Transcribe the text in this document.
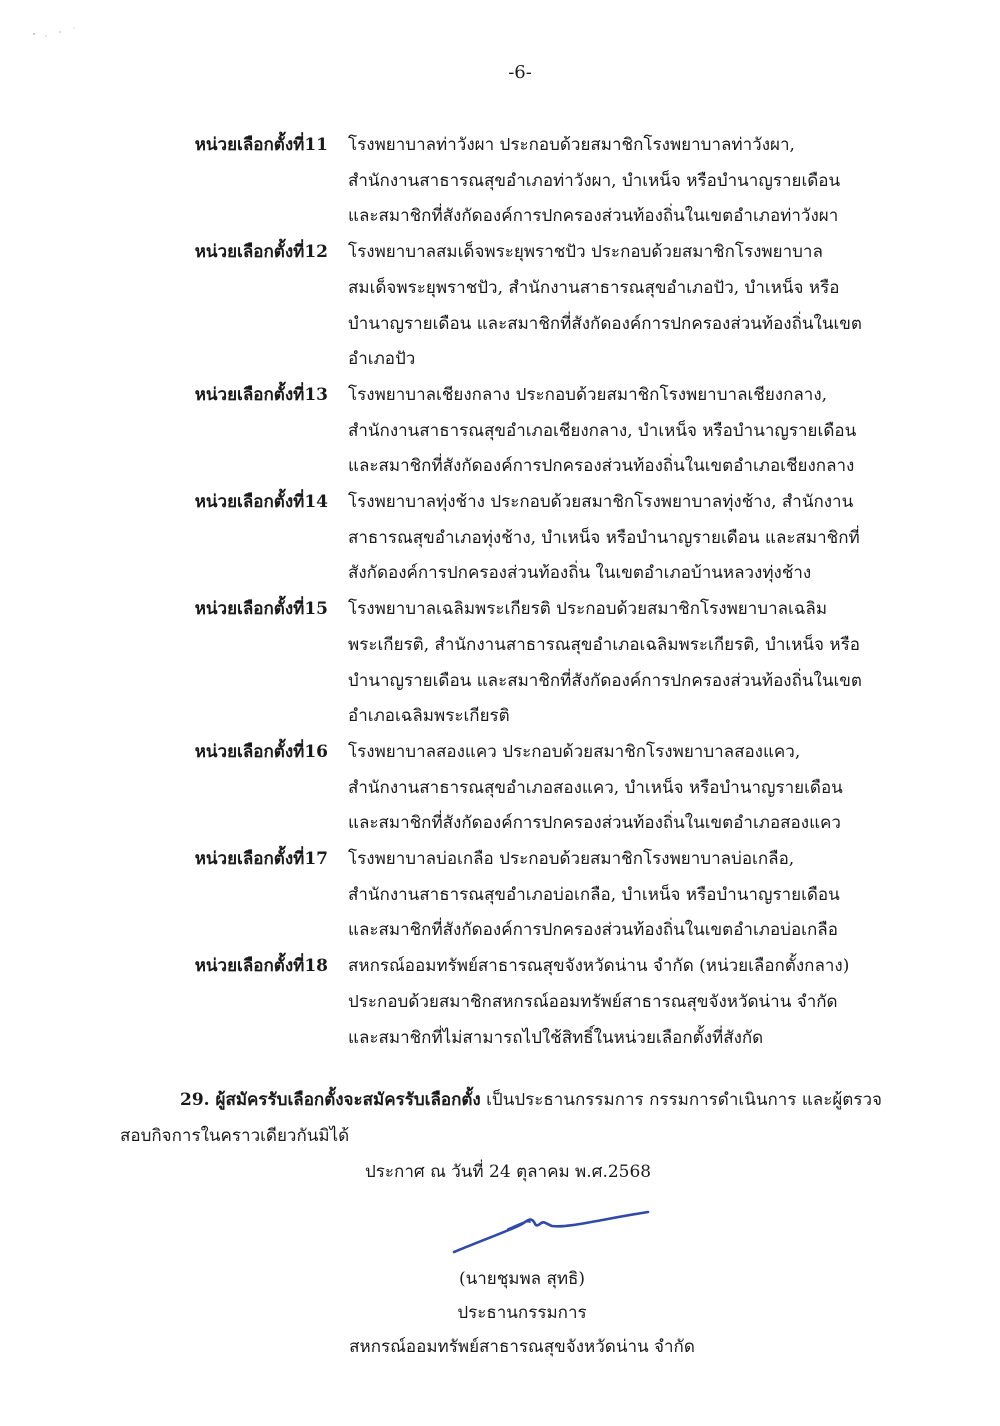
-6-
หน่วยเลือกตั้งที่11	โรงพยาบาลท่าวังผา ประกอบด้วยสมาชิกโรงพยาบาลท่าวังผา,
สำนักงานสาธารณสุขอำเภอท่าวังผา, บำเหน็จ หรือบำนาญรายเดือน
และสมาชิกที่สังกัดองค์การปกครองส่วนท้องถิ่นในเขตอำเภอท่าวังผา
หน่วยเลือกตั้งที่12	โรงพยาบาลสมเด็จพระยุพราชปัว ประกอบด้วยสมาชิกโรงพยาบาล
สมเด็จพระยุพราชปัว, สำนักงานสาธารณสุขอำเภอปัว, บำเหน็จ หรือ
บำนาญรายเดือน และสมาชิกที่สังกัดองค์การปกครองส่วนท้องถิ่นในเขต
อำเภอปัว
หน่วยเลือกตั้งที่13	โรงพยาบาลเชียงกลาง ประกอบด้วยสมาชิกโรงพยาบาลเชียงกลาง,
สำนักงานสาธารณสุขอำเภอเชียงกลาง, บำเหน็จ หรือบำนาญรายเดือน
และสมาชิกที่สังกัดองค์การปกครองส่วนท้องถิ่นในเขตอำเภอเชียงกลาง
หน่วยเลือกตั้งที่14	โรงพยาบาลทุ่งช้าง ประกอบด้วยสมาชิกโรงพยาบาลทุ่งช้าง, สำนักงาน
สาธารณสุขอำเภอทุ่งช้าง, บำเหน็จ หรือบำนาญรายเดือน และสมาชิกที่
สังกัดองค์การปกครองส่วนท้องถิ่น ในเขตอำเภอบ้านหลวงทุ่งช้าง
หน่วยเลือกตั้งที่15	โรงพยาบาลเฉลิมพระเกียรติ ประกอบด้วยสมาชิกโรงพยาบาลเฉลิม
พระเกียรติ, สำนักงานสาธารณสุขอำเภอเฉลิมพระเกียรติ, บำเหน็จ หรือ
บำนาญรายเดือน และสมาชิกที่สังกัดองค์การปกครองส่วนท้องถิ่นในเขต
อำเภอเฉลิมพระเกียรติ
หน่วยเลือกตั้งที่16	โรงพยาบาลสองแคว ประกอบด้วยสมาชิกโรงพยาบาลสองแคว,
สำนักงานสาธารณสุขอำเภอสองแคว, บำเหน็จ หรือบำนาญรายเดือน
และสมาชิกที่สังกัดองค์การปกครองส่วนท้องถิ่นในเขตอำเภอสองแคว
หน่วยเลือกตั้งที่17	โรงพยาบาลบ่อเกลือ ประกอบด้วยสมาชิกโรงพยาบาลบ่อเกลือ,
สำนักงานสาธารณสุขอำเภอบ่อเกลือ, บำเหน็จ หรือบำนาญรายเดือน
และสมาชิกที่สังกัดองค์การปกครองส่วนท้องถิ่นในเขตอำเภอบ่อเกลือ
หน่วยเลือกตั้งที่18	สหกรณ์ออมทรัพย์สาธารณสุขจังหวัดน่าน จำกัด (หน่วยเลือกตั้งกลาง)
ประกอบด้วยสมาชิกสหกรณ์ออมทรัพย์สาธารณสุขจังหวัดน่าน จำกัด
และสมาชิกที่ไม่สามารถไปใช้สิทธิ์ในหน่วยเลือกตั้งที่สังกัด
29. ผู้สมัครรับเลือกตั้งจะสมัครรับเลือกตั้ง เป็นประธานกรรมการ กรรมการดำเนินการ และผู้ตรวจ
สอบกิจการในคราวเดียวกันมิได้
ประกาศ ณ วันที่ 24 ตุลาคม พ.ศ.2568
(นายชุมพล สุทธิ)
ประธานกรรมการ
สหกรณ์ออมทรัพย์สาธารณสุขจังหวัดน่าน จำกัด
